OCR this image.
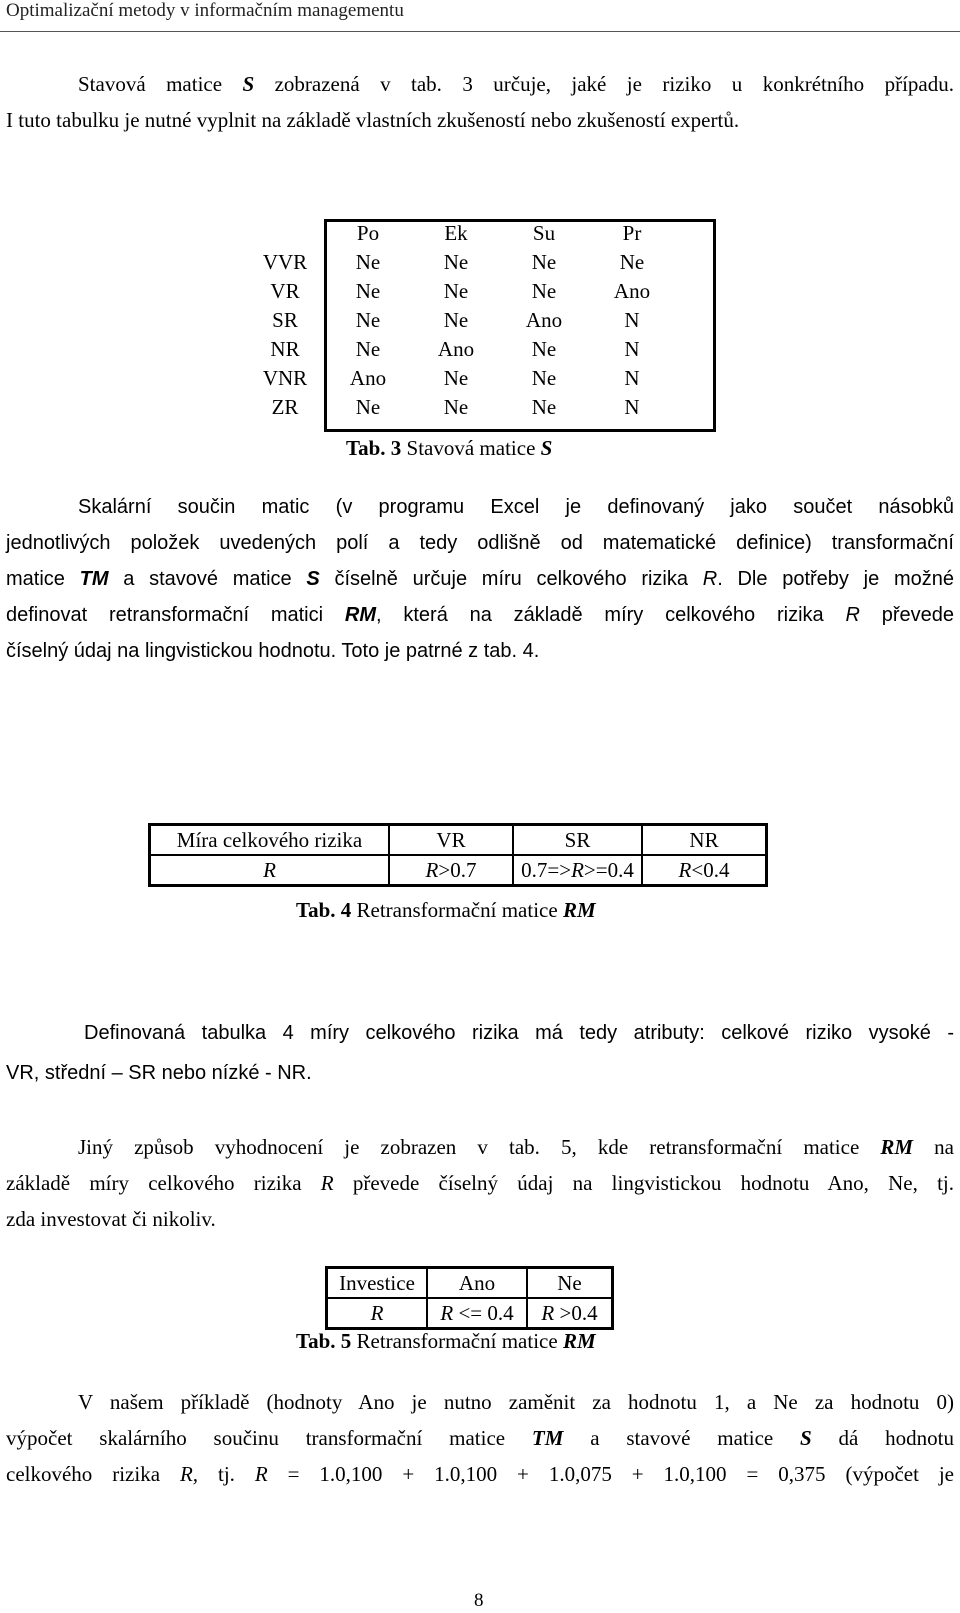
Optimalizační metody v informačním managementu
Stavová matice S zobrazená v tab. 3 určuje, jaké je riziko u konkrétního případu.
I tuto tabulku je nutné vyplnit na základě vlastních zkušeností nebo zkušeností expertů.
	Po	Ek	Su	Pr
VVR	Ne	Ne	Ne	Ne
VR	Ne	Ne	Ne	Ano
SR	Ne	Ne	Ano	N
NR	Ne	Ano	Ne	N
VNR	Ano	Ne	Ne	N
ZR	Ne	Ne	Ne	N
Tab. 3 Stavová matice S
Skalární součin matic (v programu Excel je definovaný jako součet násobků
jednotlivých položek uvedených polí a tedy odlišně od matematické definice) transformační
matice TM a stavové matice S číselně určuje míru celkového rizika R. Dle potřeby je možné
definovat retransformační matici RM, která na základě míry celkového rizika R převede
číselný údaj na lingvistickou hodnotu. Toto je patrné z tab. 4.
Míra celkového rizika	VR	SR	NR
R	R>0.7	0.7=>R>=0.4	R<0.4
Tab. 4 Retransformační matice RM
Definovaná tabulka 4 míry celkového rizika má tedy atributy: celkové riziko vysoké -
VR, střední – SR nebo nízké - NR.
Jiný způsob vyhodnocení je zobrazen v tab. 5, kde retransformační matice RM na
základě míry celkového rizika R převede číselný údaj na lingvistickou hodnotu Ano, Ne, tj.
zda investovat či nikoliv.
Investice	Ano	Ne
R	R <= 0.4	R >0.4
Tab. 5 Retransformační matice RM
V našem příkladě (hodnoty Ano je nutno zaměnit za hodnotu 1, a Ne za hodnotu 0)
výpočet skalárního součinu transformační matice TM a stavové matice S dá hodnotu
celkového rizika R, tj. R = 1.0,100 + 1.0,100 + 1.0,075 + 1.0,100 = 0,375 (výpočet je
8
